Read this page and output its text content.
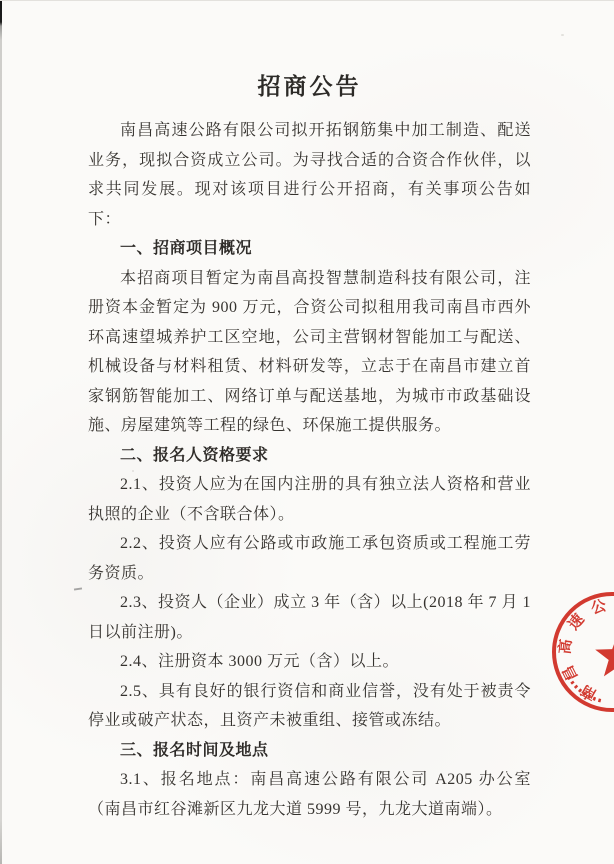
招商公告

南昌高速公路有限公司拟开拓钢筋集中加工制造、配送业务，现拟合资成立公司。为寻找合适的合资合作伙伴，以求共同发展。现对该项目进行公开招商，有关事项公告如下：

一、招商项目概况

本招商项目暂定为南昌高投智慧制造科技有限公司，注册资本金暂定为 900 万元，合资公司拟租用我司南昌市西外环高速望城养护工区空地，公司主营钢材智能加工与配送、机械设备与材料租赁、材料研发等，立志于在南昌市建立首家钢筋智能加工、网络订单与配送基地，为城市市政基础设施、房屋建筑等工程的绿色、环保施工提供服务。

二、报名人资格要求

2.1、投资人应为在国内注册的具有独立法人资格和营业执照的企业（不含联合体）。

2.2、投资人应有公路或市政施工承包资质或工程施工劳务资质。

2.3、投资人（企业）成立 3 年（含）以上(2018 年 7 月 1 日以前注册)。

2.4、注册资本 3000 万元（含）以上。

2.5、具有良好的银行资信和商业信誉，没有处于被责令停业或破产状态，且资产未被重组、接管或冻结。

三、报名时间及地点

3.1、报名地点：南昌高速公路有限公司 A205 办公室（南昌市红谷滩新区九龙大道 5999 号，九龙大道南端）。

南
昌
高
速
公
